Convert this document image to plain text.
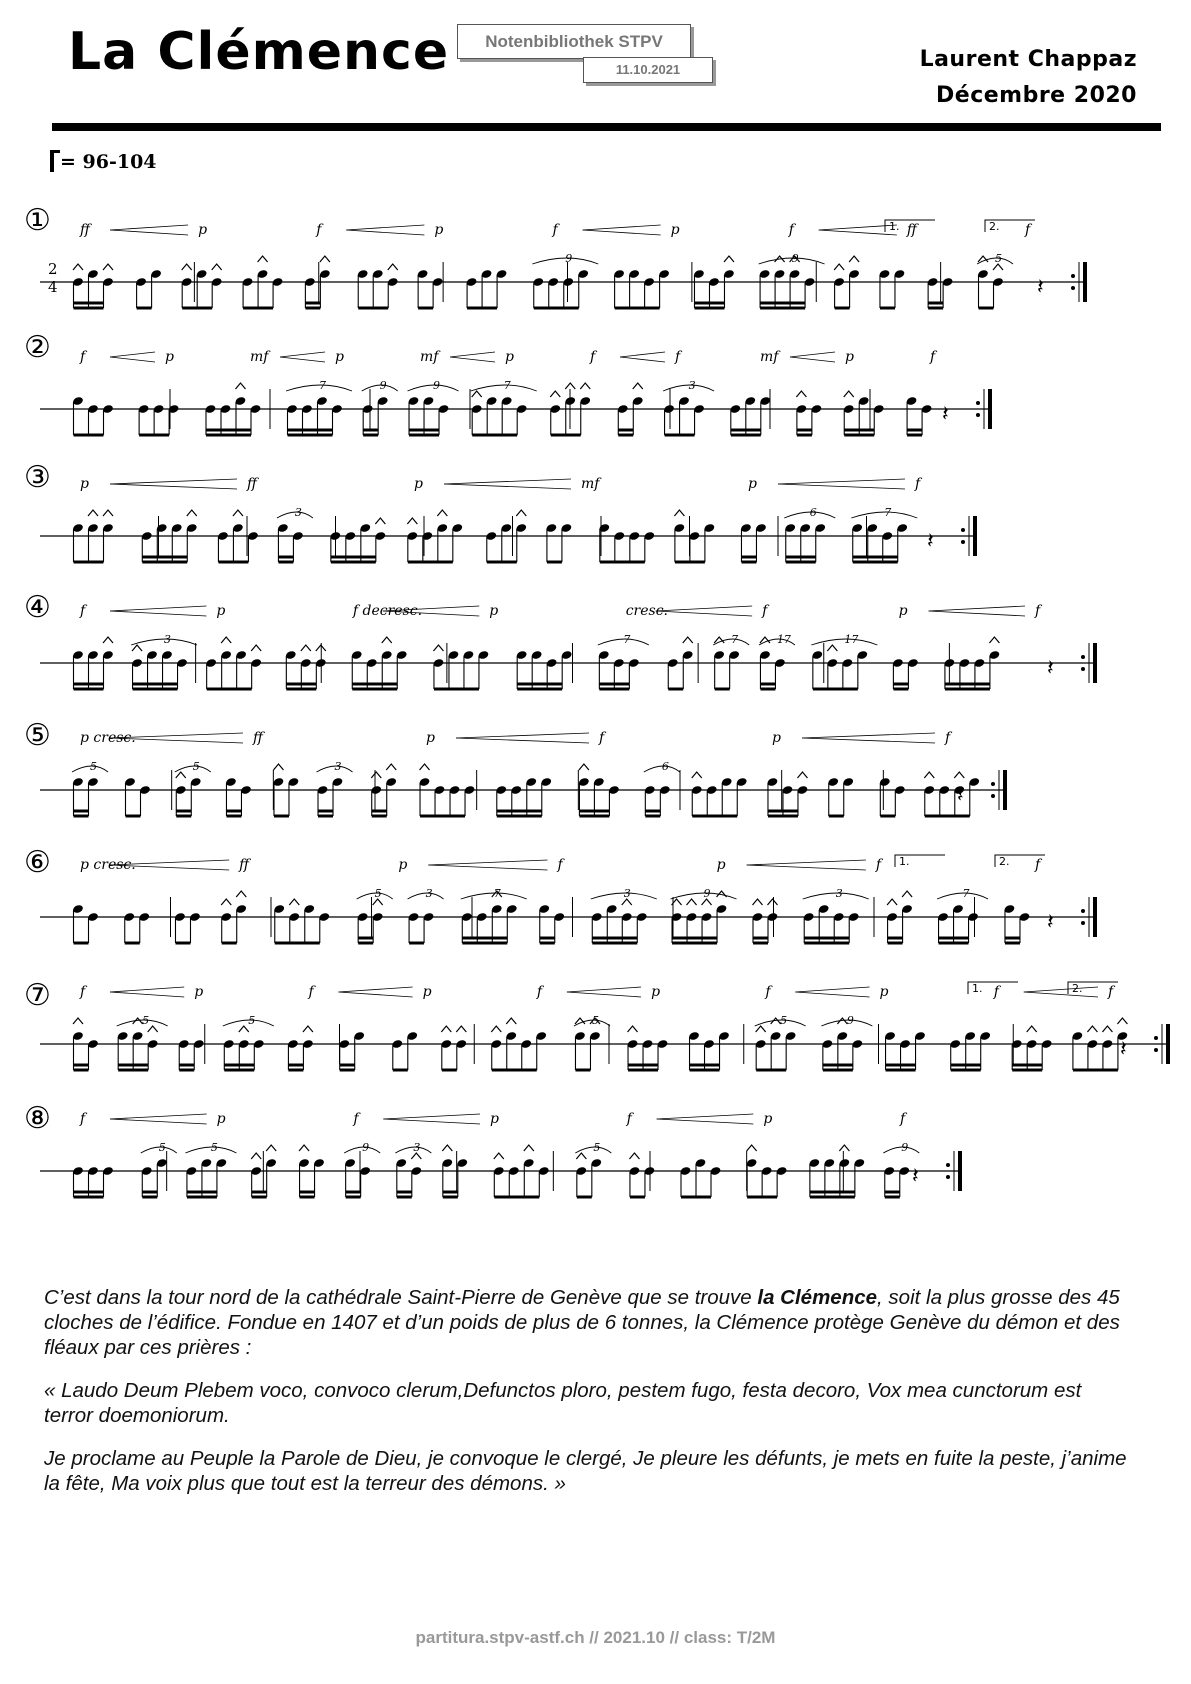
La Clémence	Notenbibliothek STPV
11.10.2021	Laurent Chappaz
Décembre 2020
= 96-104
①
2
4
ff	p	f	p	f	p	f	ff	f
1.	2.
9	9	5
𝄽
② f	p	mf	p	mf	p	f	f	mf	p	f
7	9	9	7	3
𝄽
③ p	ff	p	mf	p	f
3	6	7
𝄽
④ f	p	f decresc.	p	cresc.	f	p	f
3	7	7	17	17
𝄽
⑤ p cresc.	ff	p	f	p	f
5	5	3	6
𝄽
⑥ p cresc.	ff	p	f	p	f	f
1.	2.
5	3	7	3	9	3	7
𝄽
⑦ f	p	f	p	f	p	f	p	f	f
1.	2.
5	5	5	5	9
𝄽
⑧ f	p	f	p	f	p	f
5	5	9	3	5	9
𝄽

C’est dans la tour nord de la cathédrale Saint-Pierre de Genève que se trouve la Clémence, soit la plus grosse des 45 cloches de l’édifice. Fondue en 1407 et d’un poids de plus de 6 tonnes, la Clémence protège Genève du démon et des fléaux par ces prières :

« Laudo Deum Plebem voco, convoco clerum,Defunctos ploro, pestem fugo, festa decoro, Vox mea cunctorum est terror doemoniorum.

Je proclame au Peuple la Parole de Dieu, je convoque le clergé, Je pleure les défunts, je mets en fuite la peste, j’anime la fête, Ma voix plus que tout est la terreur des démons. »

partitura.stpv-astf.ch // 2021.10 // class: T/2M
